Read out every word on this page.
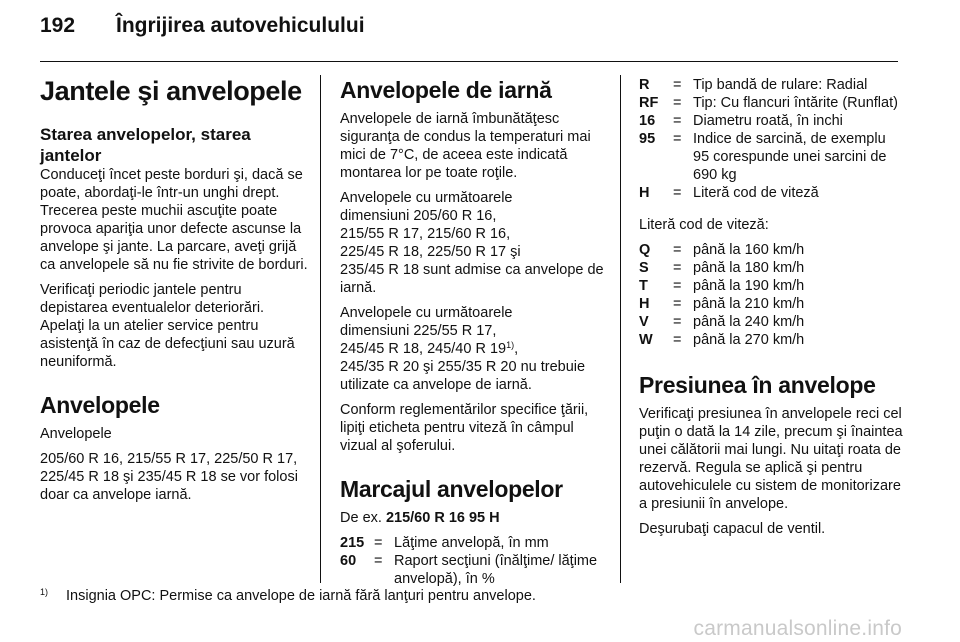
192	Îngrijirea autovehiculului
Jantele şi anvelopele
Starea anvelopelor, starea jantelor

Conduceţi încet peste borduri şi, dacă se poate, abordaţi-le într-un unghi drept. Trecerea peste muchii ascuţite poate provoca apariţia unor defecte ascunse la anvelope şi jante. La parcare, aveţi grijă ca anvelopele să nu fie strivite de borduri.

Verificaţi periodic jantele pentru depistarea eventualelor deteriorări. Apelaţi la un atelier service pentru asistenţă în caz de defecţiuni sau uzură neuniformă.

Anvelopele

Anvelopele

205/60 R 16, 215/55 R 17, 225/50 R 17, 225/45 R 18 şi 235/45 R 18 se vor folosi doar ca anvelope iarnă.

Anvelopele de iarnă

Anvelopele de iarnă îmbunătăţesc siguranţa de condus la temperaturi mai mici de 7°C, de aceea este indicată montarea lor pe toate roţile.

Anvelopele cu următoarele
dimensiuni 205/60 R 16,
215/55 R 17, 215/60 R 16,
225/45 R 18, 225/50 R 17 şi
235/45 R 18 sunt admise ca anvelope de iarnă.

Anvelopele cu următoarele
dimensiuni 225/55 R 17,
245/45 R 18, 245/40 R 19$^{1)}$,
245/35 R 20 şi 255/35 R 20 nu trebuie utilizate ca anvelope de iarnă.

Conform reglementărilor specifice ţării, lipiţi eticheta pentru viteză în câmpul vizual al şoferului.

Marcajul anvelopelor

De ex. 215/60 R 16 95 H

215 = Lăţime anvelopă, în mm
60	= Raport secţiuni (înălţime/ lăţime anvelopă), în %
R	= Tip bandă de rulare: Radial
RF	= Tip: Cu flancuri întărite (Runflat)
16	= Diametru roată, în inchi
95	= Indice de sarcină, de exemplu 95 corespunde unei sarcini de 690 kg
H	= Literă cod de viteză

Literă cod de viteză:

Q	= până la 160 km/h
S	= până la 180 km/h
T	= până la 190 km/h
H	= până la 210 km/h
V	= până la 240 km/h
W	= până la 270 km/h
Presiunea în anvelope

Verificaţi presiunea în anvelopele reci cel puţin o dată la 14 zile, precum şi înaintea unei călătorii mai lungi. Nu uitaţi roata de rezervă. Regula se aplică şi pentru autovehiculele cu sistem de monitorizare a presiunii în anvelope.

Deşurubaţi capacul de ventil.

1)	Insignia OPC: Permise ca anvelope de iarnă fără lanţuri pentru anvelope.
carmanualsonline.info
